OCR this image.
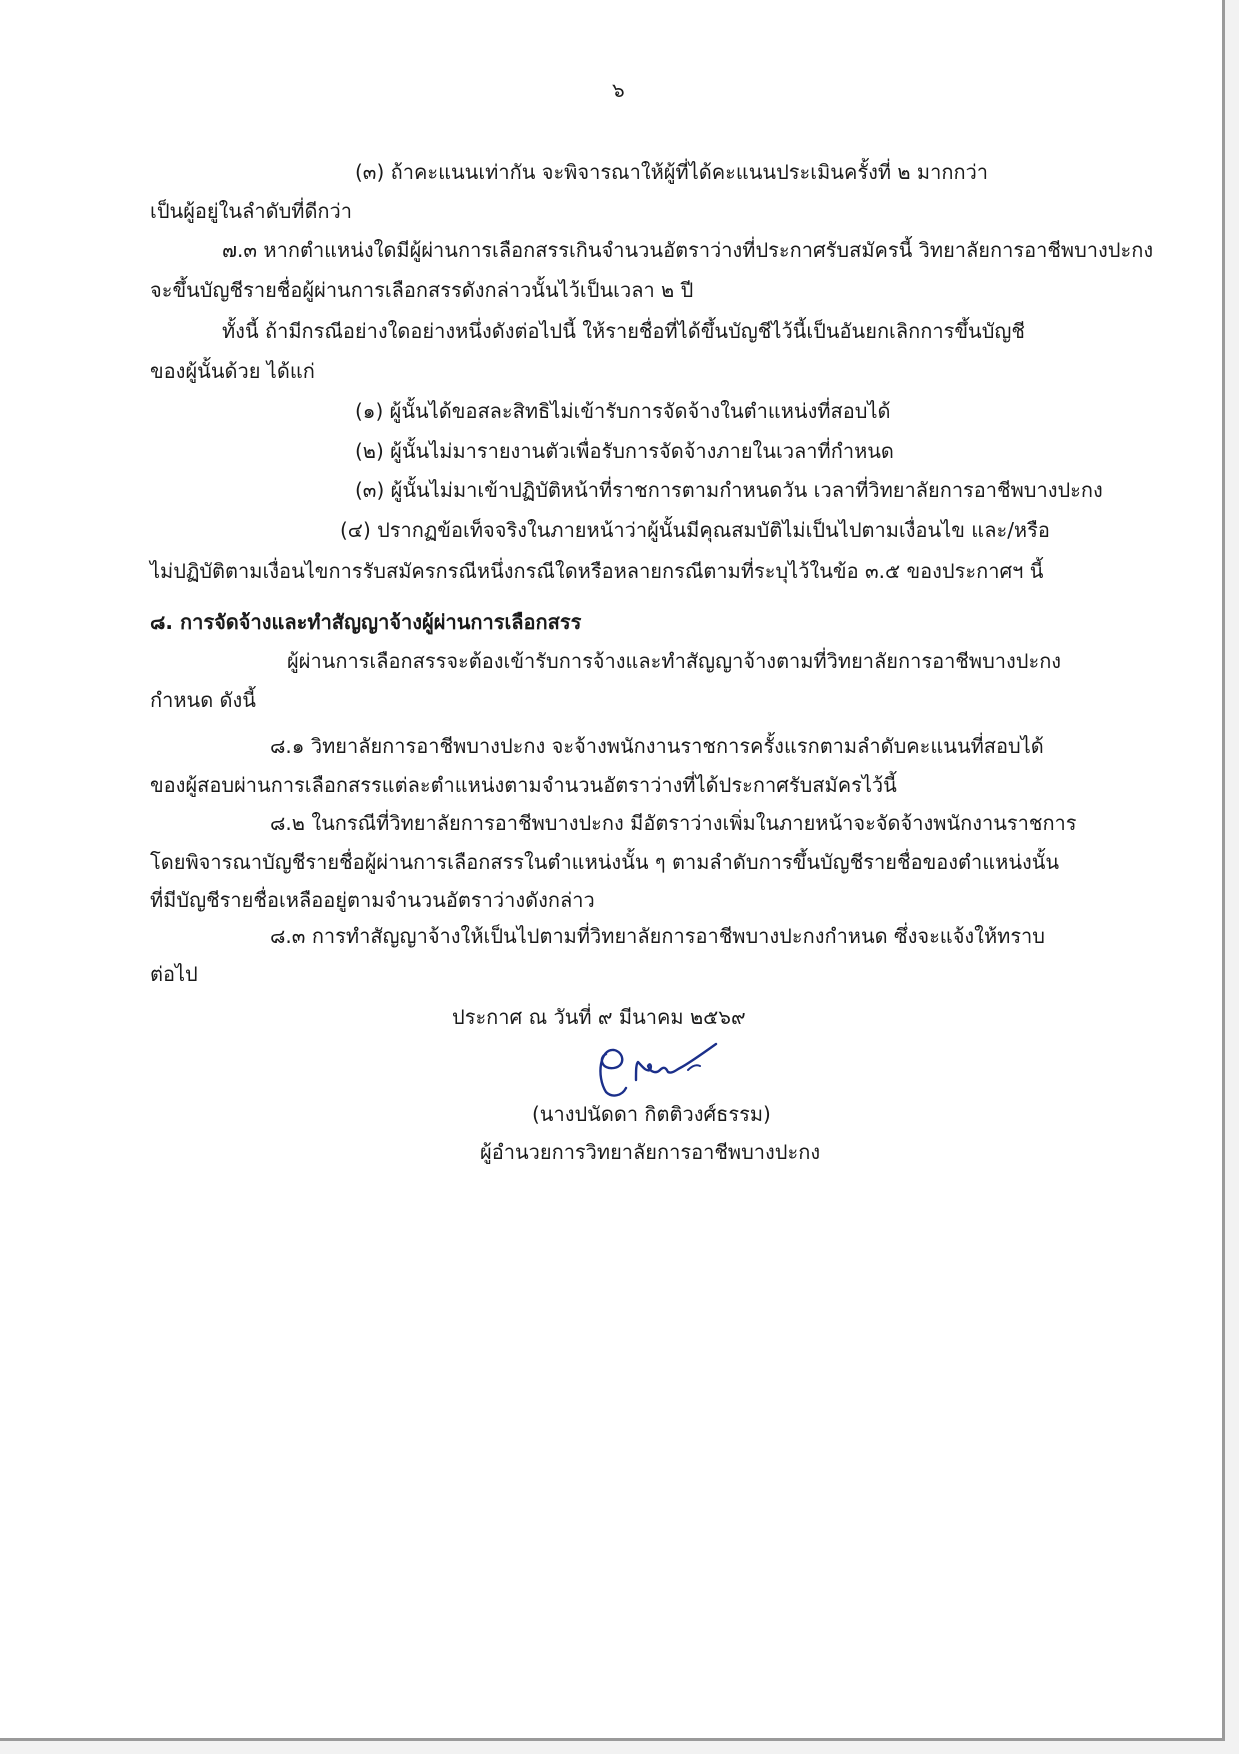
๖
(๓) ถ้าคะแนนเท่ากัน จะพิจารณาให้ผู้ที่ได้คะแนนประเมินครั้งที่ ๒ มากกว่า
เป็นผู้อยู่ในลำดับที่ดีกว่า
๗.๓ หากตำแหน่งใดมีผู้ผ่านการเลือกสรรเกินจำนวนอัตราว่างที่ประกาศรับสมัครนี้ วิทยาลัยการอาชีพบางปะกง
จะขึ้นบัญชีรายชื่อผู้ผ่านการเลือกสรรดังกล่าวนั้นไว้เป็นเวลา ๒ ปี
ทั้งนี้ ถ้ามีกรณีอย่างใดอย่างหนึ่งดังต่อไปนี้ ให้รายชื่อที่ได้ขึ้นบัญชีไว้นี้เป็นอันยกเลิกการขึ้นบัญชี
ของผู้นั้นด้วย ได้แก่
(๑) ผู้นั้นได้ขอสละสิทธิไม่เข้ารับการจัดจ้างในตำแหน่งที่สอบได้
(๒) ผู้นั้นไม่มารายงานตัวเพื่อรับการจัดจ้างภายในเวลาที่กำหนด
(๓) ผู้นั้นไม่มาเข้าปฏิบัติหน้าที่ราชการตามกำหนดวัน เวลาที่วิทยาลัยการอาชีพบางปะกง
(๔) ปรากฏข้อเท็จจริงในภายหน้าว่าผู้นั้นมีคุณสมบัติไม่เป็นไปตามเงื่อนไข และ/หรือ
ไม่ปฏิบัติตามเงื่อนไขการรับสมัครกรณีหนึ่งกรณีใดหรือหลายกรณีตามที่ระบุไว้ในข้อ ๓.๕ ของประกาศฯ นี้
๘. การจัดจ้างและทำสัญญาจ้างผู้ผ่านการเลือกสรร
ผู้ผ่านการเลือกสรรจะต้องเข้ารับการจ้างและทำสัญญาจ้างตามที่วิทยาลัยการอาชีพบางปะกง
กำหนด ดังนี้
๘.๑ วิทยาลัยการอาชีพบางปะกง จะจ้างพนักงานราชการครั้งแรกตามลำดับคะแนนที่สอบได้
ของผู้สอบผ่านการเลือกสรรแต่ละตำแหน่งตามจำนวนอัตราว่างที่ได้ประกาศรับสมัครไว้นี้
๘.๒ ในกรณีที่วิทยาลัยการอาชีพบางปะกง มีอัตราว่างเพิ่มในภายหน้าจะจัดจ้างพนักงานราชการ
โดยพิจารณาบัญชีรายชื่อผู้ผ่านการเลือกสรรในตำแหน่งนั้น ๆ ตามลำดับการขึ้นบัญชีรายชื่อของตำแหน่งนั้น
ที่มีบัญชีรายชื่อเหลืออยู่ตามจำนวนอัตราว่างดังกล่าว
๘.๓ การทำสัญญาจ้างให้เป็นไปตามที่วิทยาลัยการอาชีพบางปะกงกำหนด ซึ่งจะแจ้งให้ทราบ
ต่อไป
ประกาศ ณ วันที่ ๙ มีนาคม ๒๕๖๙
(นางปนัดดา กิตติวงศ์ธรรม)
ผู้อำนวยการวิทยาลัยการอาชีพบางปะกง
